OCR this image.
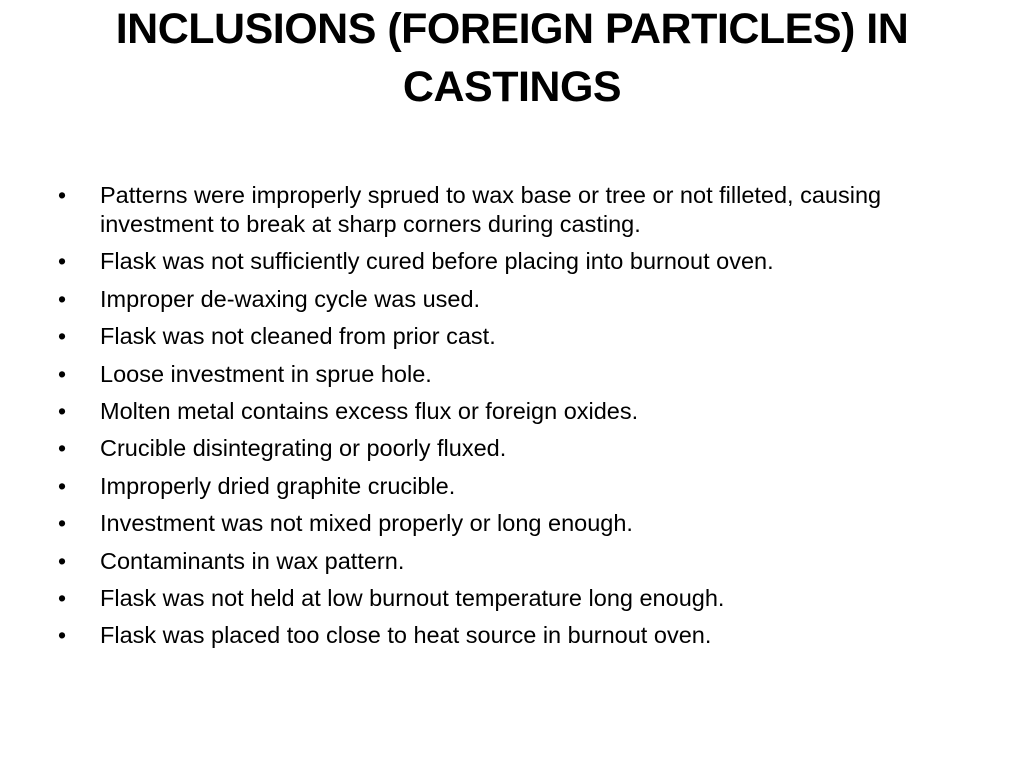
INCLUSIONS (FOREIGN PARTICLES) IN CASTINGS
•	Patterns were improperly sprued to wax base or tree or not filleted, causing investment to break at sharp corners during casting.
•	Flask was not sufficiently cured before placing into burnout oven.
•	Improper de-waxing cycle was used.
•	Flask was not cleaned from prior cast.
•	Loose investment in sprue hole.
•	Molten metal contains excess flux or foreign oxides.
•	Crucible disintegrating or poorly fluxed.
•	Improperly dried graphite crucible.
•	Investment was not mixed properly or long enough.
•	Contaminants in wax pattern.
•	Flask was not held at low burnout temperature long enough.
•	Flask was placed too close to heat source in burnout oven.
